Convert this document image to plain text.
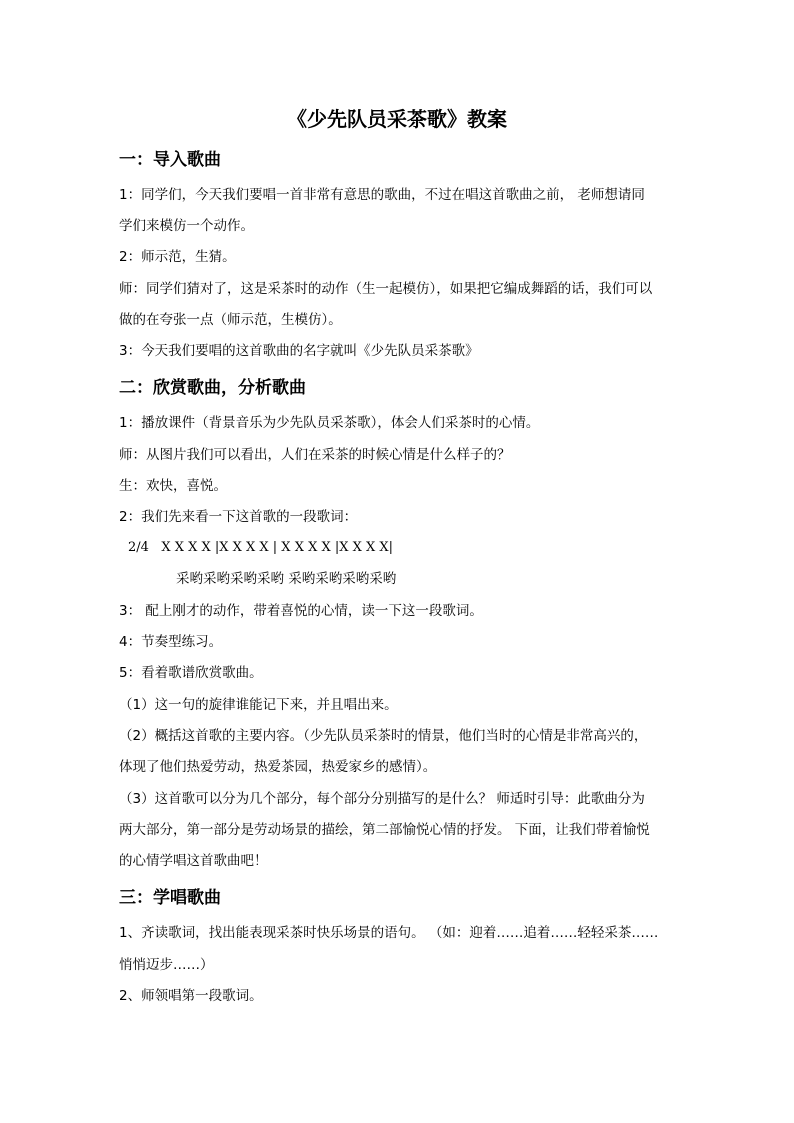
《少先队员采茶歌》教案
一：导入歌曲
1：同学们，今天我们要唱一首非常有意思的歌曲，不过在唱这首歌曲之前， 老师想请同
学们来模仿一个动作。
2：师示范，生猜。
师：同学们猜对了，这是采茶时的动作（生一起模仿），如果把它编成舞蹈的话，我们可以
做的在夸张一点（师示范，生模仿）。
3：今天我们要唱的这首歌曲的名字就叫《少先队员采茶歌》
二：欣赏歌曲，分析歌曲
1：播放课件（背景音乐为少先队员采茶歌），体会人们采茶时的心情。
师：从图片我们可以看出，人们在采茶的时候心情是什么样子的？
生：欢快，喜悦。
2：我们先来看一下这首歌的一段歌词：
2/4   X X X X |X X X X | X X X X |X X X X|
采哟采哟采哟采哟 采哟采哟采哟采哟
3： 配上刚才的动作，带着喜悦的心情，读一下这一段歌词。
4：节奏型练习。
5：看着歌谱欣赏歌曲。
（1）这一句的旋律谁能记下来，并且唱出来。
（2）概括这首歌的主要内容。（少先队员采茶时的情景，他们当时的心情是非常高兴的，
体现了他们热爱劳动，热爱茶园，热爱家乡的感情）。
（3）这首歌可以分为几个部分，每个部分分别描写的是什么？ 师适时引导：此歌曲分为
两大部分，第一部分是劳动场景的描绘，第二部愉悦心情的抒发。 下面，让我们带着愉悦
的心情学唱这首歌曲吧！
三：学唱歌曲
1、齐读歌词，找出能表现采茶时快乐场景的语句。 （如：迎着……追着……轻轻采茶……
悄悄迈步……）
2、师领唱第一段歌词。
